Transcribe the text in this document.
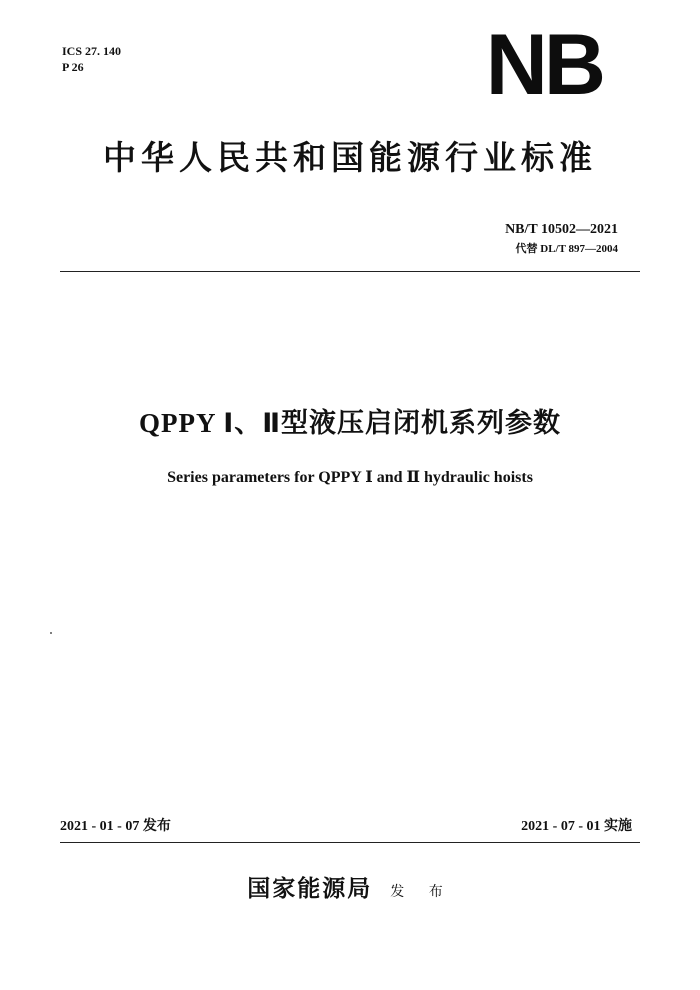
ICS 27. 140
P 26	NB
中华人民共和国能源行业标准
NB/T 10502—2021
代替 DL/T 897—2004
QPPY Ⅰ、Ⅱ型液压启闭机系列参数
Series parameters for QPPY Ⅰ and Ⅱ hydraulic hoists
2021 - 01 - 07 发布	2021 - 07 - 01 实施
国家能源局 发 布
